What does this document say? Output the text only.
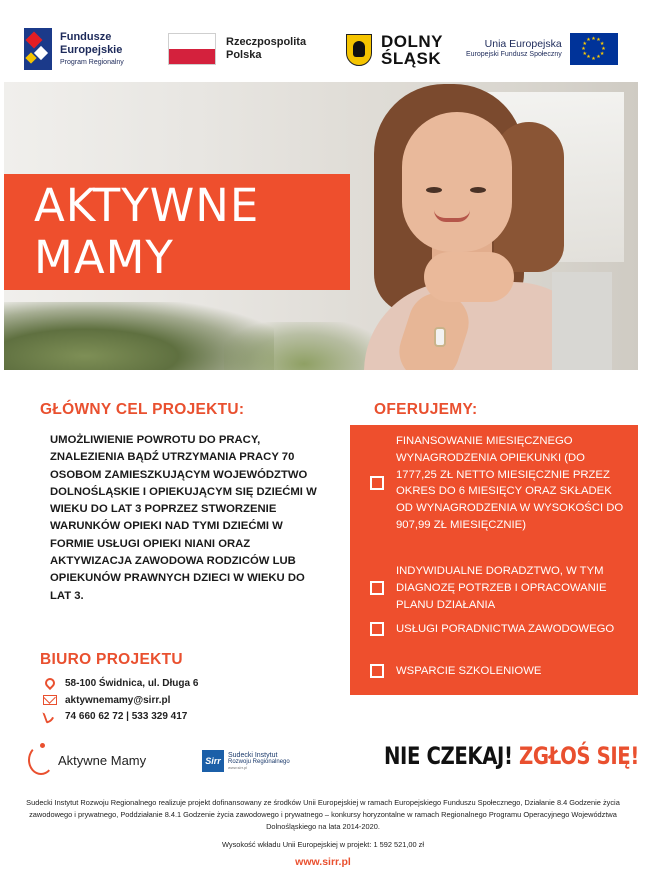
Fundusze
Europejskie
Program Regionalny
Rzeczpospolita
Polska
DOLNY
ŚLĄSK
Unia Europejska
Europejski Fundusz Społeczny
★ ★
★
★
★
★
★
★
★
★
★
★
AKTYWNE
MAMY
GŁÓWNY CEL PROJEKTU:
UMOŻLIWIENIE POWROTU DO PRACY, ZNALEZIENIA BĄDŹ UTRZYMANIA PRACY 70 OSOBOM ZAMIESZKUJĄCYM WOJEWÓDZTWO DOLNOŚLĄSKIE I OPIEKUJĄCYM SIĘ DZIEĆMI W WIEKU DO LAT 3 POPRZEZ STWORZENIE WARUNKÓW OPIEKI NAD TYMI DZIEĆMI W FORMIE USŁUGI OPIEKI NIANI ORAZ AKTYWIZACJA ZAWODOWA RODZICÓW LUB OPIEKUNÓW PRAWNYCH DZIECI W WIEKU DO LAT 3.
BIURO PROJEKTU
58-100 Świdnica, ul. Długa 6
aktywnemamy@sirr.pl
74 660 62 72 | 533 329 417
OFERUJEMY:
FINANSOWANIE MIESIĘCZNEGO WYNAGRODZENIA OPIEKUNKI (DO 1777,25 ZŁ NETTO MIESIĘCZNIE PRZEZ OKRES DO 6 MIESIĘCY ORAZ SKŁADEK OD WYNAGRODZENIA W WYSOKOŚCI DO 907,99 ZŁ MIESIĘCZNIE)
INDYWIDUALNE DORADZTWO, W TYM DIAGNOZĘ POTRZEB I OPRACOWANIE PLANU DZIAŁANIA
USŁUGI PORADNICTWA ZAWODOWEGO
WSPARCIE SZKOLENIOWE
Aktywne Mamy	Sirr
Sudecki Instytut
Rozwoju Regionalnego
www.sirr.pl	NIE CZEKAJ! ZGŁOŚ SIĘ!
Sudecki Instytut Rozwoju Regionalnego realizuje projekt dofinansowany ze środków Unii Europejskiej w ramach Europejskiego Funduszu Społecznego, Działanie 8.4 Godzenie życia zawodowego i prywatnego, Poddziałanie 8.4.1 Godzenie życia zawodowego i prywatnego – konkursy horyzontalne w ramach Regionalnego Programu Operacyjnego Województwa Dolnośląskiego na lata 2014-2020.
Wysokość wkładu Unii Europejskiej w projekt: 1 592 521,00 zł
www.sirr.pl
